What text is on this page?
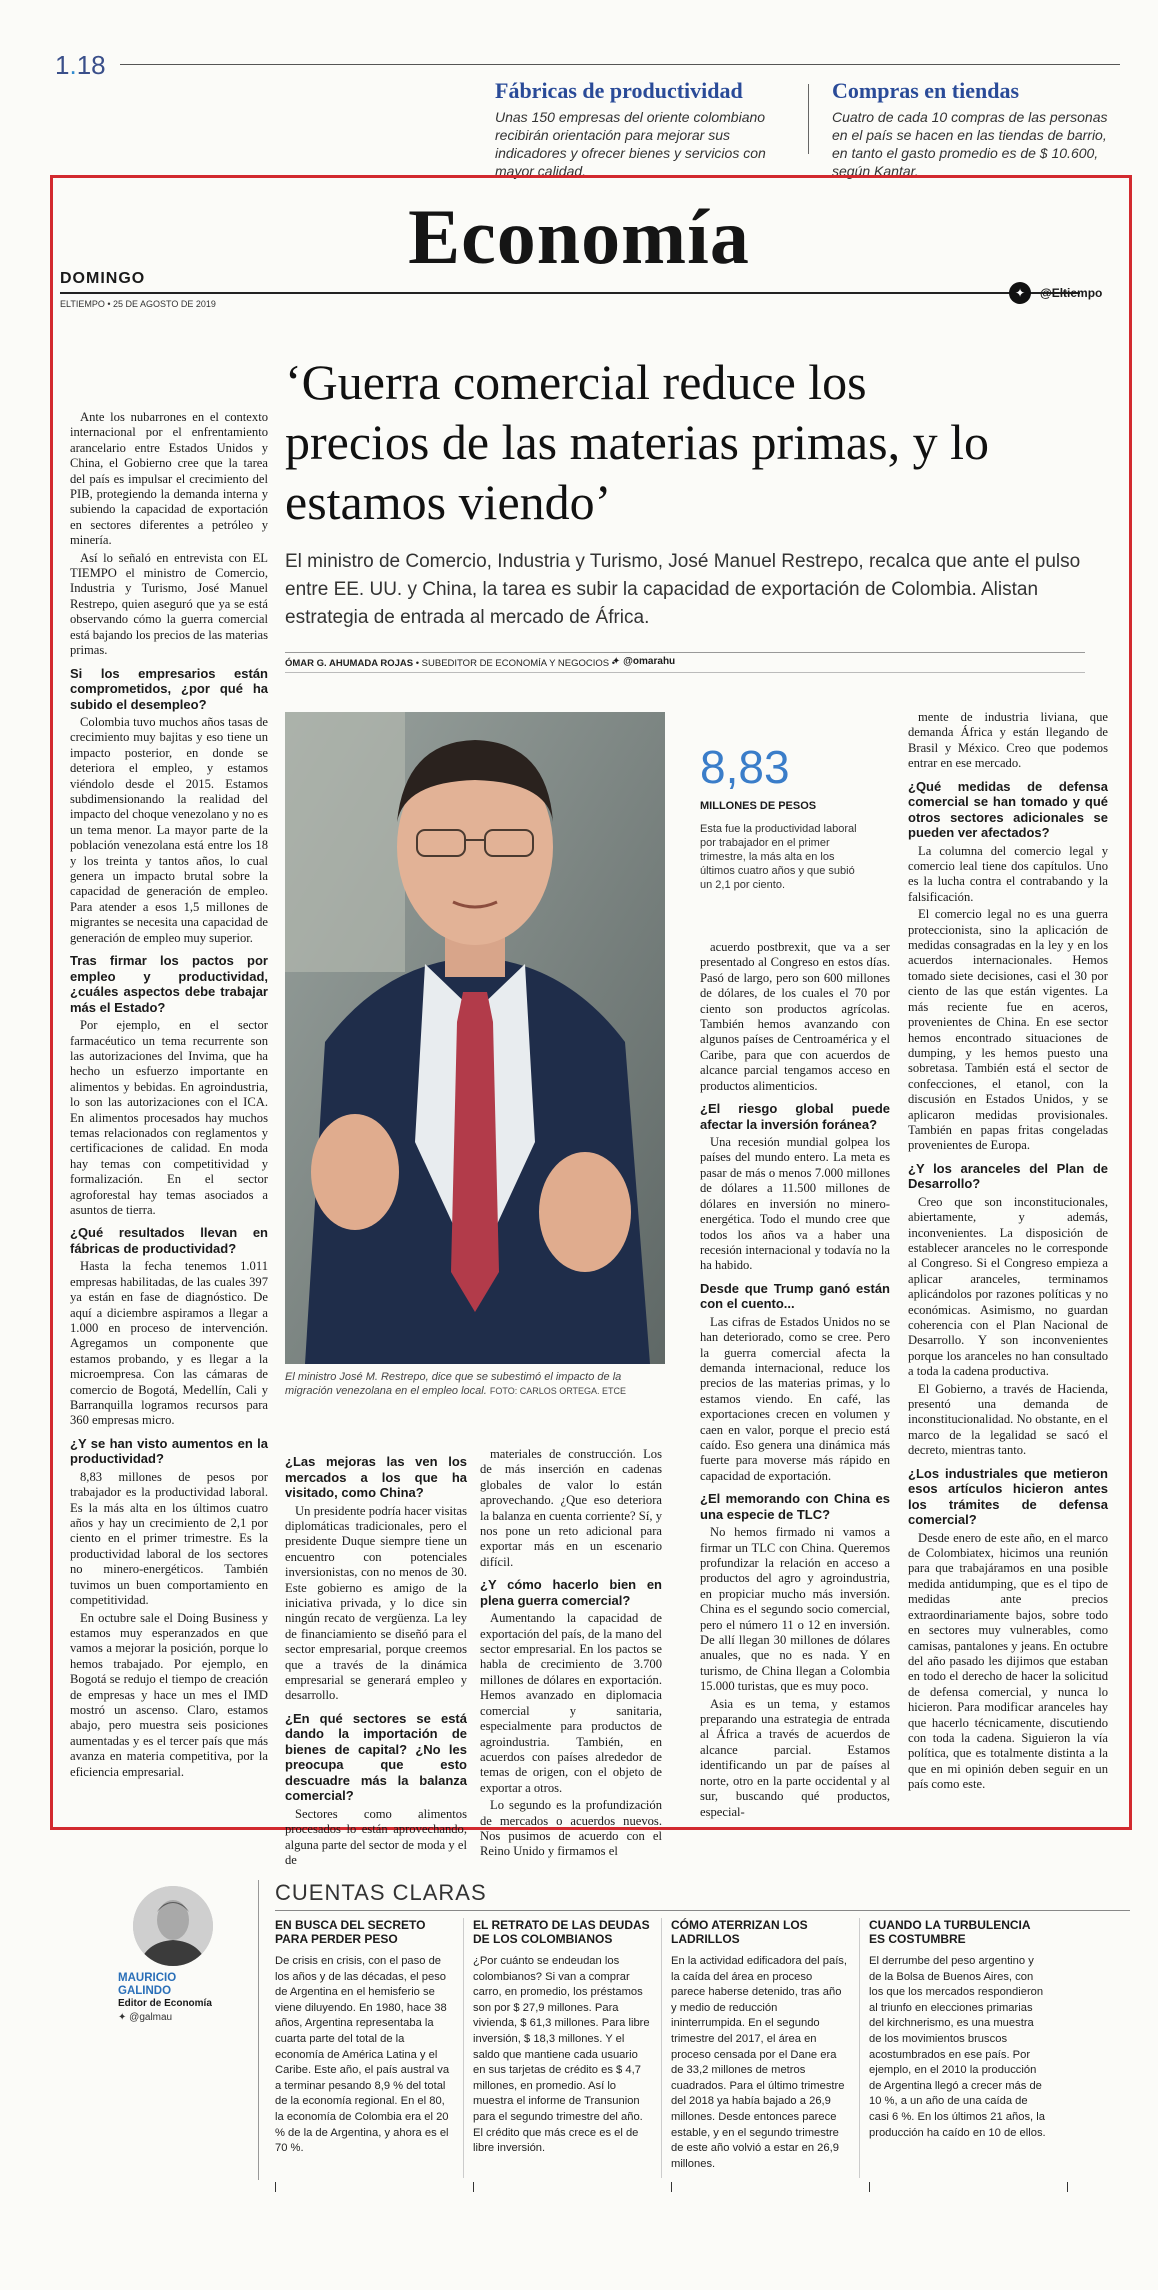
1.18
Fábricas de productividad

Unas 150 empresas del oriente colombiano recibirán orientación para mejorar sus indicadores y ofrecer bienes y servicios con mayor calidad.

Compras en tiendas

Cuatro de cada 10 compras de las personas en el país se hacen en las tiendas de barrio, en tanto el gasto promedio es de $ 10.600, según Kantar.

Economía
DOMINGO
ELTIEMPO • 25 DE AGOSTO DE 2019
✦	@Eltiempo
‘Guerra comercial reduce los precios de las materias primas, y lo estamos viendo’

El ministro de Comercio, Industria y Turismo, José Manuel Restrepo, recalca que ante el pulso entre EE. UU. y China, la tarea es subir la capacidad de exportación de Colombia. Alistan estrategia de entrada al mercado de África.

ÓMAR G. AHUMADA ROJAS • SUBEDITOR DE ECONOMÍA Y NEGOCIOS •
✦ @omarahu

Ante los nubarrones en el contexto internacional por el enfrentamiento arancelario entre Estados Unidos y China, el Gobierno cree que la tarea del país es impulsar el crecimiento del PIB, protegiendo la demanda interna y subiendo la capacidad de exportación en sectores diferentes a petróleo y minería.

Así lo señaló en entrevista con EL TIEMPO el ministro de Comercio, Industria y Turismo, José Manuel Restrepo, quien aseguró que ya se está observando cómo la guerra comercial está bajando los precios de las materias primas.

Si los empresarios están comprometidos, ¿por qué ha subido el desempleo?

Colombia tuvo muchos años tasas de crecimiento muy bajitas y eso tiene un impacto posterior, en donde se deteriora el empleo, y estamos viéndolo desde el 2015. Estamos subdimensionando la realidad del impacto del choque venezolano y no es un tema menor. La mayor parte de la población venezolana está entre los 18 y los treinta y tantos años, lo cual genera un impacto brutal sobre la capacidad de generación de empleo. Para atender a esos 1,5 millones de migrantes se necesita una capacidad de generación de empleo muy superior.

Tras firmar los pactos por empleo y productividad, ¿cuáles aspectos debe trabajar más el Estado?

Por ejemplo, en el sector farmacéutico un tema recurrente son las autorizaciones del Invima, que ha hecho un esfuerzo importante en alimentos y bebidas. En agroindustria, lo son las autorizaciones con el ICA. En alimentos procesados hay muchos temas relacionados con reglamentos y certificaciones de calidad. En moda hay temas con competitividad y formalización. En el sector agroforestal hay temas asociados a asuntos de tierra.

¿Qué resultados llevan en fábricas de productividad?

Hasta la fecha tenemos 1.011 empresas habilitadas, de las cuales 397 ya están en fase de diagnóstico. De aquí a diciembre aspiramos a llegar a 1.000 en proceso de intervención. Agregamos un componente que estamos probando, y es llegar a la microempresa. Con las cámaras de comercio de Bogotá, Medellín, Cali y Barranquilla logramos recursos para 360 empresas micro.

¿Y se han visto aumentos en la productividad?

8,83 millones de pesos por trabajador es la productividad laboral. Es la más alta en los últimos cuatro años y hay un crecimiento de 2,1 por ciento en el primer trimestre. Es la productividad laboral de los sectores no minero-energéticos. También tuvimos un buen comportamiento en competitividad.

En octubre sale el Doing Business y estamos muy esperanzados en que vamos a mejorar la posición, porque lo hemos trabajado. Por ejemplo, en Bogotá se redujo el tiempo de creación de empresas y hace un mes el IMD mostró un ascenso. Claro, estamos abajo, pero muestra seis posiciones aumentadas y es el tercer país que más avanza en materia competitiva, por la eficiencia empresarial.

El ministro José M. Restrepo, dice que se subestimó el impacto de la migración venezolana en el empleo local. FOTO: CARLOS ORTEGA. ETCE
8,83
MILLONES DE PESOS
Esta fue la productividad laboral por trabajador en el primer trimestre, la más alta en los últimos cuatro años y que subió un 2,1 por ciento.

¿Las mejoras las ven los mercados a los que ha visitado, como China?

Un presidente podría hacer visitas diplomáticas tradicionales, pero el presidente Duque siempre tiene un encuentro con potenciales inversionistas, con no menos de 30. Este gobierno es amigo de la iniciativa privada, y lo dice sin ningún recato de vergüenza. La ley de financiamiento se diseñó para el sector empresarial, porque creemos que a través de la dinámica empresarial se generará empleo y desarrollo.

¿En qué sectores se está dando la importación de bienes de capital? ¿No les preocupa que esto descuadre más la balanza comercial?

Sectores como alimentos procesados lo están aprovechando, alguna parte del sector de moda y el de

materiales de construcción. Los de más inserción en cadenas globales de valor lo están aprovechando. ¿Que eso deteriora la balanza en cuenta corriente? Sí, y nos pone un reto adicional para exportar más en un escenario difícil.

¿Y cómo hacerlo bien en plena guerra comercial?

Aumentando la capacidad de exportación del país, de la mano del sector empresarial. En los pactos se habla de crecimiento de 3.700 millones de dólares en exportación. Hemos avanzado en diplomacia comercial y sanitaria, especialmente para productos de agroindustria. También, en acuerdos con países alrededor de temas de origen, con el objeto de exportar a otros.

Lo segundo es la profundización de mercados o acuerdos nuevos. Nos pusimos de acuerdo con el Reino Unido y firmamos el

acuerdo postbrexit, que va a ser presentado al Congreso en estos días. Pasó de largo, pero son 600 millones de dólares, de los cuales el 70 por ciento son productos agrícolas. También hemos avanzando con algunos países de Centroamérica y el Caribe, para que con acuerdos de alcance parcial tengamos acceso en productos alimenticios.

¿El riesgo global puede afectar la inversión foránea?

Una recesión mundial golpea los países del mundo entero. La meta es pasar de más o menos 7.000 millones de dólares a 11.500 millones de dólares en inversión no minero-energética. Todo el mundo cree que todos los años va a haber una recesión internacional y todavía no la ha habido.

Desde que Trump ganó están con el cuento...

Las cifras de Estados Unidos no se han deteriorado, como se cree. Pero la guerra comercial afecta la demanda internacional, reduce los precios de las materias primas, y lo estamos viendo. En café, las exportaciones crecen en volumen y caen en valor, porque el precio está caído. Eso genera una dinámica más fuerte para moverse más rápido en capacidad de exportación.

¿El memorando con China es una especie de TLC?

No hemos firmado ni vamos a firmar un TLC con China. Queremos profundizar la relación en acceso a productos del agro y agroindustria, en propiciar mucho más inversión. China es el segundo socio comercial, pero el número 11 o 12 en inversión. De allí llegan 30 millones de dólares anuales, que no es nada. Y en turismo, de China llegan a Colombia 15.000 turistas, que es muy poco.

Asia es un tema, y estamos preparando una estrategia de entrada al África a través de acuerdos de alcance parcial. Estamos identificando un par de países al norte, otro en la parte occidental y al sur, buscando qué productos, especial-

mente de industria liviana, que demanda África y están llegando de Brasil y México. Creo que podemos entrar en ese mercado.

¿Qué medidas de defensa comercial se han tomado y qué otros sectores adicionales se pueden ver afectados?

La columna del comercio legal y comercio leal tiene dos capítulos. Uno es la lucha contra el contrabando y la falsificación.

El comercio legal no es una guerra proteccionista, sino la aplicación de medidas consagradas en la ley y en los acuerdos internacionales. Hemos tomado siete decisiones, casi el 30 por ciento de las que están vigentes. La más reciente fue en aceros, provenientes de China. En ese sector hemos encontrado situaciones de dumping, y les hemos puesto una sobretasa. También está el sector de confecciones, el etanol, con la discusión en Estados Unidos, y se aplicaron medidas provisionales. También en papas fritas congeladas provenientes de Europa.

¿Y los aranceles del Plan de Desarrollo?

Creo que son inconstitucionales, abiertamente, y además, inconvenientes. La disposición de establecer aranceles no le corresponde al Congreso. Si el Congreso empieza a aplicar aranceles, terminamos aplicándolos por razones políticas y no económicas. Asimismo, no guardan coherencia con el Plan Nacional de Desarrollo. Y son inconvenientes porque los aranceles no han consultado a toda la cadena productiva.

El Gobierno, a través de Hacienda, presentó una demanda de inconstitucionalidad. No obstante, en el marco de la legalidad se sacó el decreto, mientras tanto.

¿Los industriales que metieron esos artículos hicieron antes los trámites de defensa comercial?

Desde enero de este año, en el marco de Colombiatex, hicimos una reunión para que trabajáramos en una posible medida antidumping, que es el tipo de medidas ante precios extraordinariamente bajos, sobre todo en sectores muy vulnerables, como camisas, pantalones y jeans. En octubre del año pasado les dijimos que estaban en todo el derecho de hacer la solicitud de defensa comercial, y nunca lo hicieron. Para modificar aranceles hay que hacerlo técnicamente, discutiendo con toda la cadena. Siguieron la vía política, que es totalmente distinta a la que en mi opinión deben seguir en un país como este.

MAURICIO GALINDO
Editor de Economía
✦ @galmau
CUENTAS CLARAS
EN BUSCA DEL SECRETO PARA PERDER PESO

De crisis en crisis, con el paso de los años y de las décadas, el peso de Argentina en el hemisferio se viene diluyendo. En 1980, hace 38 años, Argentina representaba la cuarta parte del total de la economía de América Latina y el Caribe. Este año, el país austral va a terminar pesando 8,9 % del total de la economía regional. En el 80, la economía de Colombia era el 20 % de la de Argentina, y ahora es el 70 %.

EL RETRATO DE LAS DEUDAS DE LOS COLOMBIANOS

¿Por cuánto se endeudan los colombianos? Si van a comprar carro, en promedio, los préstamos son por $ 27,9 millones. Para vivienda, $ 61,3 millones. Para libre inversión, $ 18,3 millones. Y el saldo que mantiene cada usuario en sus tarjetas de crédito es $ 4,7 millones, en promedio. Así lo muestra el informe de Transunion para el segundo trimestre del año. El crédito que más crece es el de libre inversión.

CÓMO ATERRIZAN LOS LADRILLOS

En la actividad edificadora del país, la caída del área en proceso parece haberse detenido, tras año y medio de reducción ininterrumpida. En el segundo trimestre del 2017, el área en proceso censada por el Dane era de 33,2 millones de metros cuadrados. Para el último trimestre del 2018 ya había bajado a 26,9 millones. Desde entonces parece estable, y en el segundo trimestre de este año volvió a estar en 26,9 millones.

CUANDO LA TURBULENCIA ES COSTUMBRE

El derrumbe del peso argentino y de la Bolsa de Buenos Aires, con los que los mercados respondieron al triunfo en elecciones primarias del kirchnerismo, es una muestra de los movimientos bruscos acostumbrados en ese país. Por ejemplo, en el 2010 la producción de Argentina llegó a crecer más de 10 %, a un año de una caída de casi 6 %. En los últimos 21 años, la producción ha caído en 10 de ellos.
